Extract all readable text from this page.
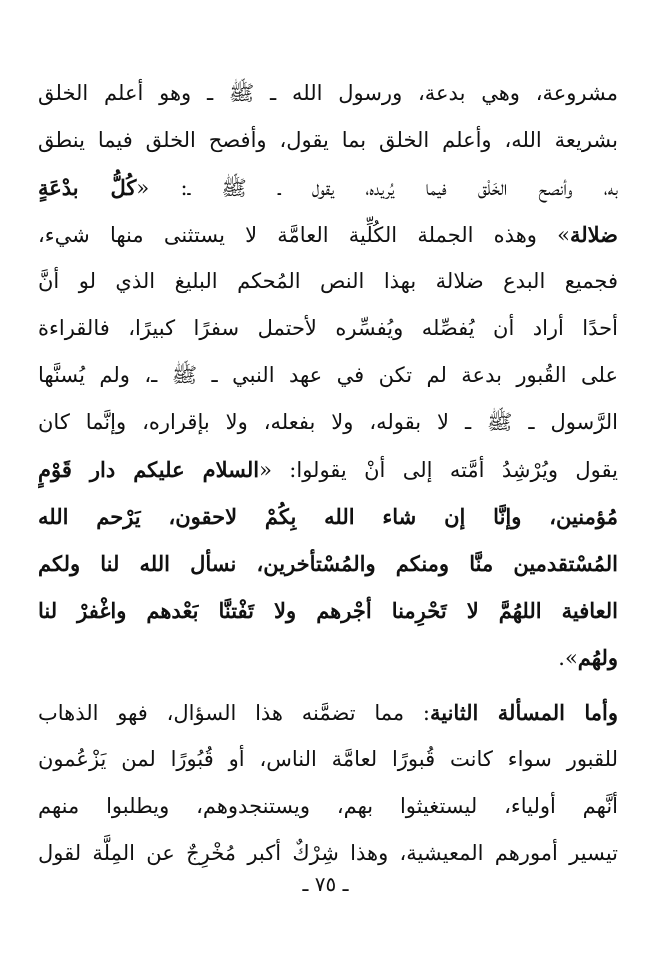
مشروعة، وهي بدعة، ورسول الله ـ ﷺ ـ وهو أعلم الخلق
بشريعة الله، وأعلم الخلق بما يقول، وأفصح الخلق فيما ينطق
به، وأنصح الخَلْق فيما يُريده، يقول ـ ﷺ ـ: «كُلُّ بدْعَةٍ
ضلالة» وهذه الجملة الكُلِّية العامَّة لا يستثنى منها شيء،
فجميع البدع ضلالة بهذا النص المُحكم البليغ الذي لو أنَّ
أحدًا أراد أن يُفصِّله ويُفسِّره لأحتمل سفرًا كبيرًا، فالقراءة
على القُبور بدعة لم تكن في عهد النبي ـ ﷺ ـ، ولم يُسنَّها
الرَّسول ـ ﷺ ـ لا بقوله، ولا بفعله، ولا بإقراره، وإنَّما كان
يقول ويُرْشِدُ أمَّته إلى أنْ يقولوا: «السلام عليكم دار قَوْمٍ
مُؤمنين، وإنَّا إن شاء الله بِكُمْ لاحقون، يَرْحم الله
المُسْتقدمين منَّا ومنكم والمُسْتأخرين، نسأل الله لنا ولكم
العافية اللهُمَّ لا تَحْرِمنا أجْرهم ولا تَفْتنَّا بَعْدهم واغْفرْ لنا
ولهُم».
وأما المسألة الثانية: مما تضمَّنه هذا السؤال، فهو الذهاب
للقبور سواء كانت قُبورًا لعامَّة الناس، أو قُبُورًا لمن يَزْعُمون
أنَّهم أولياء، ليستغيثوا بهم، ويستنجدوهم، ويطلبوا منهم
تيسير أمورهم المعيشية، وهذا شِرْكٌ أكبر مُخْرِجٌ عن المِلَّة لقول
ـ ٧٥ ـ
